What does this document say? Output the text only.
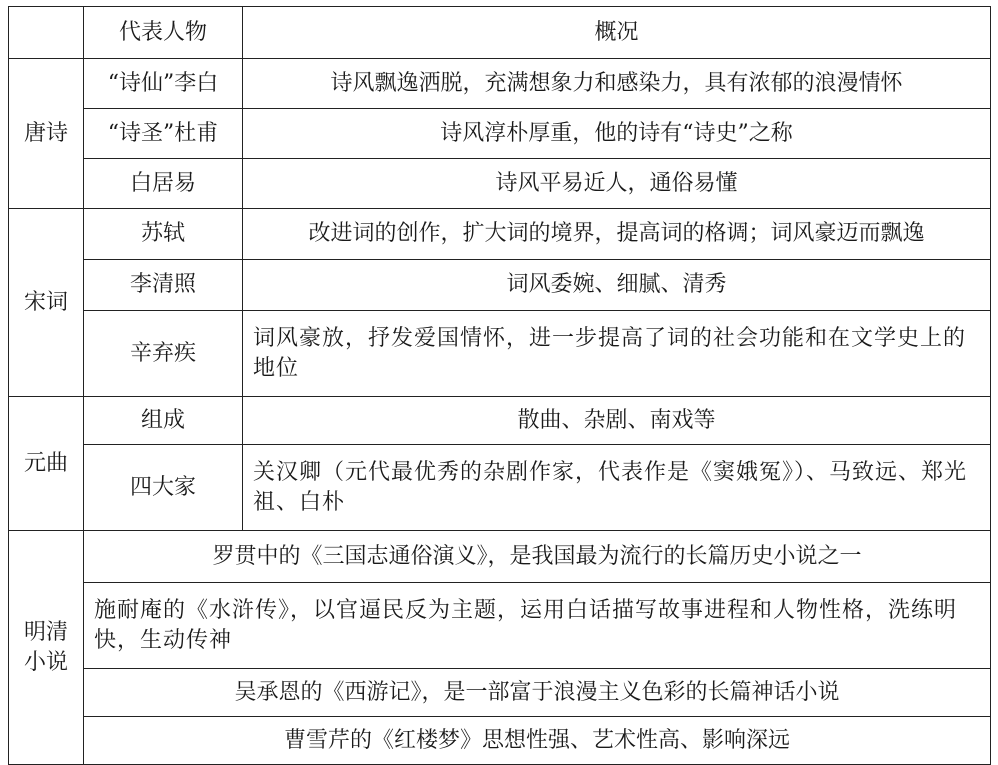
	代表人物	概况
唐诗	“诗仙”李白	诗风飘逸洒脱，充满想象力和感染力，具有浓郁的浪漫情怀
	“诗圣”杜甫	诗风淳朴厚重，他的诗有“诗史”之称
	白居易	诗风平易近人，通俗易懂
宋词	苏轼	改进词的创作，扩大词的境界，提高词的格调；词风豪迈而飘逸
	李清照	词风委婉、细腻、清秀
	辛弃疾	词风豪放，抒发爱国情怀，进一步提高了词的社会功能和在文学史上的地位
元曲	组成	散曲、杂剧、南戏等
	四大家	关汉卿（元代最优秀的杂剧作家，代表作是《窦娥冤》）、马致远、郑光祖、白朴
明清小说	罗贯中的《三国志通俗演义》，是我国最为流行的长篇历史小说之一	
	施耐庵的《水浒传》，以官逼民反为主题，运用白话描写故事进程和人物性格，洗练明快，生动传神	
	吴承恩的《西游记》，是一部富于浪漫主义色彩的长篇神话小说	
	曹雪芹的《红楼梦》思想性强、艺术性高、影响深远	
